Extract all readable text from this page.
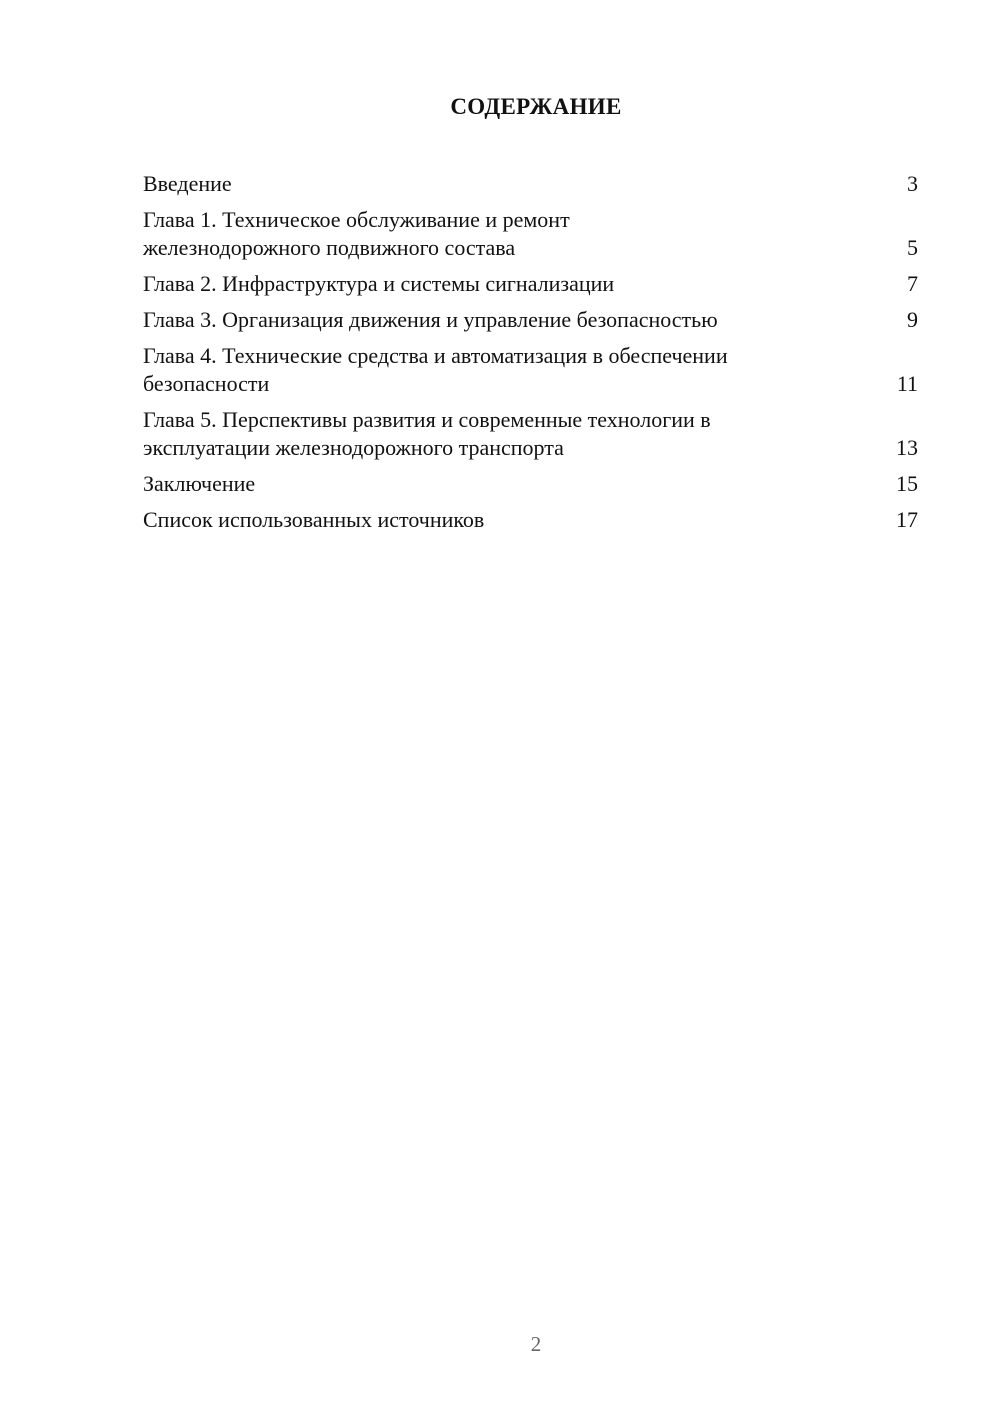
СОДЕРЖАНИЕ
Введение	3
Глава 1. Техническое обслуживание и ремонт
железнодорожного подвижного состава	5
Глава 2. Инфраструктура и системы сигнализации	7
Глава 3. Организация движения и управление безопасностью	9
Глава 4. Технические средства и автоматизация в обеспечении
безопасности	11
Глава 5. Перспективы развития и современные технологии в
эксплуатации железнодорожного транспорта	13
Заключение	15
Список использованных источников	17
2
